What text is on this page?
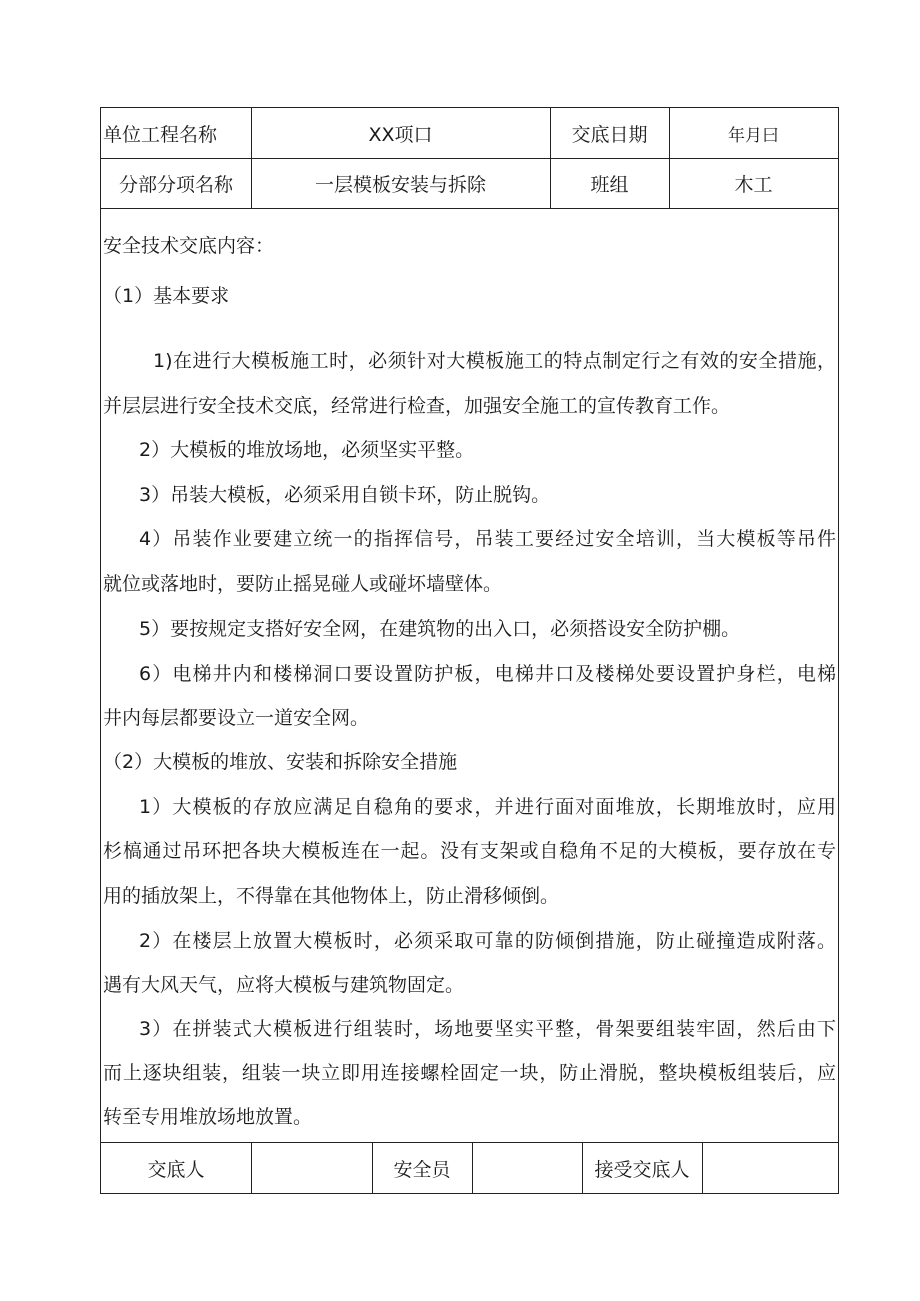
单位工程名称	XX项口	交底日期	年月曰
分部分项名称	一层模板安装与拆除	班组	木工
安全技术交底内容：
（1）基本要求
1)在进行大模板施工时，必须针对大模板施工的特点制定行之有效的安全措施，
并层层进行安全技术交底，经常进行检查，加强安全施工的宣传教育工作。
2）大模板的堆放场地，必须坚实平整。
3）吊装大模板，必须采用自锁卡环，防止脱钩。
4）吊装作业要建立统一的指挥信号，吊装工要经过安全培训，当大模板等吊件
就位或落地时，要防止摇晃碰人或碰坏墙壁体。
5）要按规定支搭好安全网，在建筑物的出入口，必须搭设安全防护棚。
6）电梯井内和楼梯洞口要设置防护板，电梯井口及楼梯处要设置护身栏，电梯
井内每层都要设立一道安全网。
（2）大模板的堆放、安装和拆除安全措施
1）大模板的存放应满足自稳角的要求，并进行面对面堆放，长期堆放时，应用
杉槁通过吊环把各块大模板连在一起。没有支架或自稳角不足的大模板，要存放在专
用的插放架上，不得靠在其他物体上，防止滑移倾倒。
2）在楼层上放置大模板时，必须采取可靠的防倾倒措施，防止碰撞造成附落。
遇有大风天气，应将大模板与建筑物固定。
3）在拼装式大模板进行组装时，场地要坚实平整，骨架要组装牢固，然后由下
而上逐块组装，组装一块立即用连接螺栓固定一块，防止滑脱，整块模板组装后，应
转至专用堆放场地放置。
交底人	安全员	接受交底人
